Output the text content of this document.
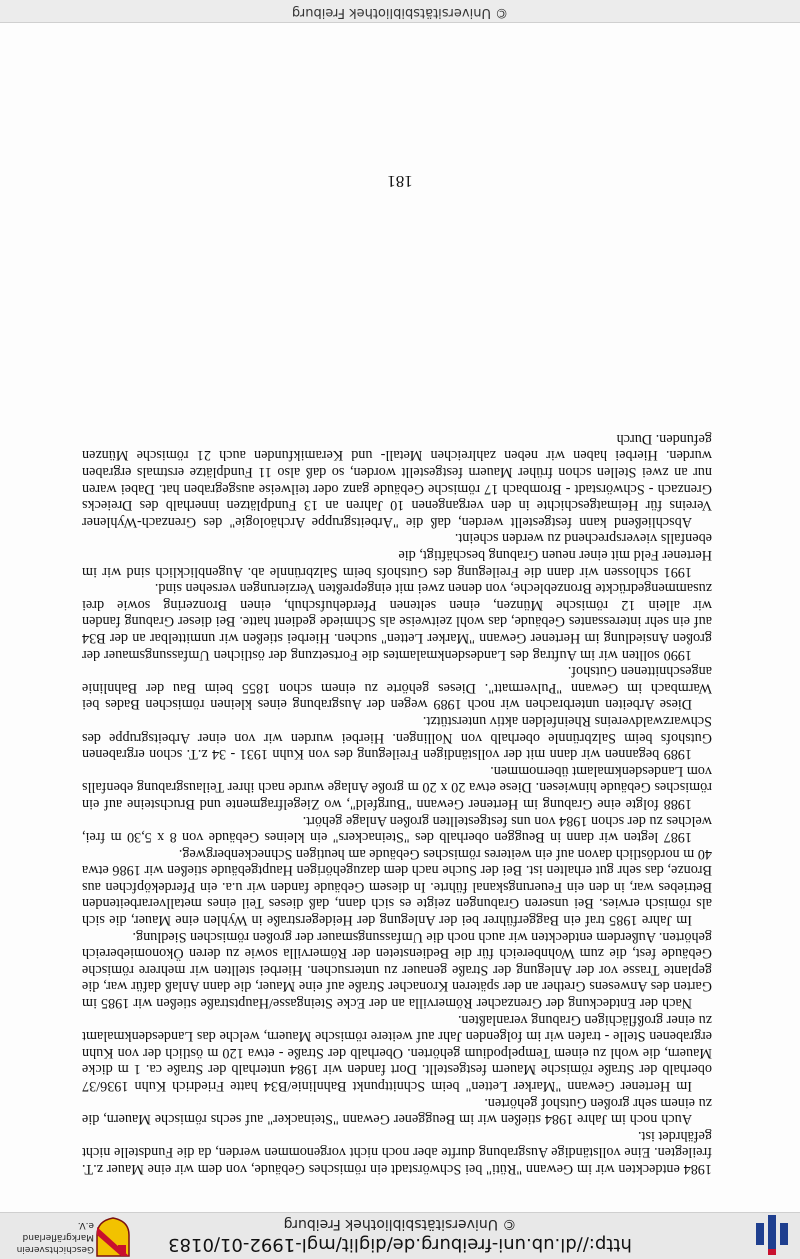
http://dl.ub.uni-freiburg.de/diglit/mgl-1992-01/0183
© Universitätsbibliothek Freiburg
Geschichtsverein
Markgräflerland e.V.

1984 entdeckten wir im Gewann "Rüti" bei Schwörstadt ein römisches Gebäude, von dem wir eine Mauer z.T. freilegten. Eine vollständige Ausgrabung durfte aber noch nicht vorgenommen werden, da die Fundstelle nicht gefährdet ist.

Auch noch im Jahre 1984 stießen wir im Beuggener Gewann "Steinacker" auf sechs römische Mauern, die zu einem sehr großen Gutshof gehörten.

Im Hertener Gewann "Marker Letten" beim Schnittpunkt Bahnlinie/B34 hatte Friedrich Kuhn 1936/37 oberhalb der Straße römische Mauern festgestellt. Dort fanden wir 1984 unterhalb der Straße ca. 1 m dicke Mauern, die wohl zu einem Tempelpodium gehörten. Oberhalb der Straße - etwa 120 m östlich der von Kuhn ergrabenen Stelle - trafen wir im folgenden Jahr auf weitere römische Mauern, welche das Landesdenkmalamt zu einer großflächigen Grabung veranlaßten.

Nach der Entdeckung der Grenzacher Römervilla an der Ecke Steingasse/Hauptstraße stießen wir 1985 im Garten des Anwesens Grether an der späteren Kronacher Straße auf eine Mauer, die dann Anlaß dafür war, die geplante Trasse vor der Anlegung der Straße genauer zu untersuchen. Hierbei stellten wir mehrere römische Gebäude fest, die zum Wohnbereich für die Bediensteten der Römervilla sowie zu deren Ökonomiebereich gehörten. Außerdem entdeckten wir auch noch die Umfassungsmauer der großen römischen Siedlung.

Im Jahre 1985 traf ein Baggerführer bei der Anlegung der Heidegerstraße in Wyhlen eine Mauer, die sich als römisch erwies. Bei unseren Grabungen zeigte es sich dann, daß dieses Teil eines metallverarbeitenden Betriebes war, in den ein Feuerungskanal führte. In diesem Gebäude fanden wir u.a. ein Pferdeköpfchen aus Bronze, das sehr gut erhalten ist. Bei der Suche nach dem dazugehörigen Hauptgebäude stießen wir 1986 etwa 40 m nordöstlich davon auf ein weiteres römisches Gebäude am heutigen Schneckenbergweg.

1987 legten wir dann in Beuggen oberhalb des "Steinackers" ein kleines Gebäude von 8 x 5,30 m frei, welches zu der schon 1984 von uns festgestellten großen Anlage gehört.

1988 folgte eine Grabung im Hertener Gewann "Burgfeld", wo Ziegelfragmente und Bruchsteine auf ein römisches Gebäude hinwiesen. Diese etwa 20 x 20 m große Anlage wurde nach ihrer Teilausgrabung ebenfalls vom Landesdenkmalamt übernommen.

1989 begannen wir dann mit der vollständigen Freilegung des von Kuhn 1931 - 34 z.T. schon ergrabenen Gutshofs beim Salzbrünnle oberhalb von Nollingen. Hierbei wurden wir von einer Arbeitsgruppe des Schwarzwaldvereins Rheinfelden aktiv unterstützt.

Diese Arbeiten unterbrachen wir noch 1989 wegen der Ausgrabung eines kleinen römischen Bades bei Warmbach im Gewann "Pulvermatt". Dieses gehörte zu einem schon 1855 beim Bau der Bahnlinie angeschnittenen Gutshof.

1990 sollten wir im Auftrag des Landesdenkmalamtes die Fortsetzung der östlichen Umfassungsmauer der großen Ansiedlung im Hertener Gewann "Marker Letten" suchen. Hierbei stießen wir unmittelbar an der B34 auf ein sehr interessantes Gebäude, das wohl zeitweise als Schmiede gedient hatte. Bei dieser Grabung fanden wir allein 12 römische Münzen, einen seltenen Pferdehufschuh, einen Bronzering sowie drei zusammengedrückte Bronzebleche, von denen zwei mit eingepreßten Verzierungen versehen sind.

1991 schlossen wir dann die Freilegung des Gutshofs beim Salzbrünnle ab. Augenblicklich sind wir im Hertener Feld mit einer neuen Grabung beschäftigt, die

ebenfalls vieversprechend zu werden scheint.

Abschließend kann festgestellt werden, daß die "Arbeitsgruppe Archäologie" des Grenzach-Wyhlener Vereins für Heimatgeschichte in den vergangenen 10 Jahren an 13 Fundplätzen innerhalb des Dreiecks Grenzach - Schwörstadt - Brombach 17 römische Gebäude ganz oder teilweise ausgegraben hat. Dabei waren nur an zwei Stellen schon früher Mauern festgestellt worden, so daß also 11 Fundplätze erstmals ergraben wurden. Hierbei haben wir neben zahlreichen Metall- und Keramikfunden auch 21 römische Münzen gefunden. Durch

181
© Universitätsbibliothek Freiburg
